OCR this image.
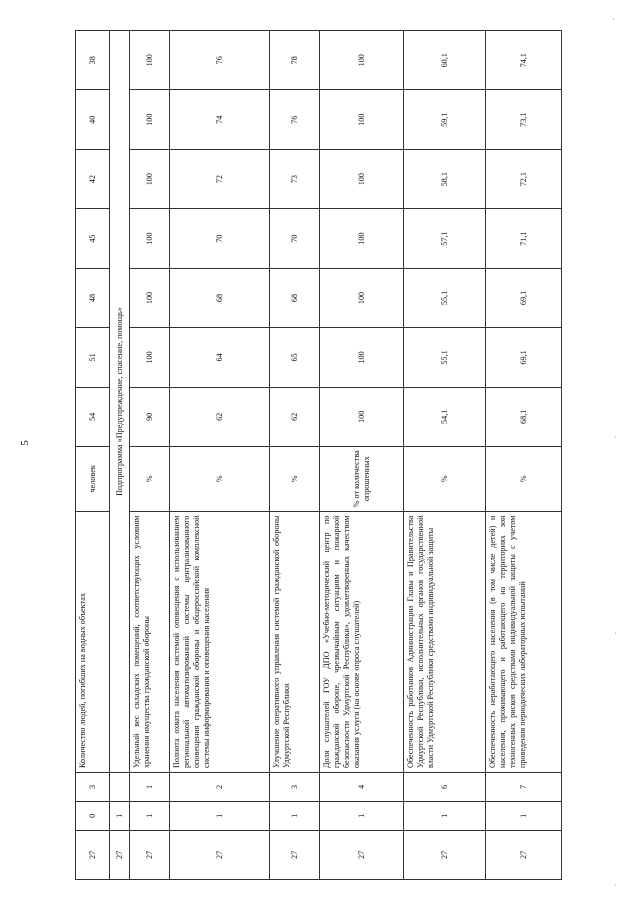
5
·
·
·
·
27	0	3	Количество людей, погибших на водных объектах	человек	54	51	48	45	42	40	38
27	1		Подпрограмма «Предупреждение, спасение, помощь»								
27	1	1	Удельный вес складских помещений, соответствующих условиям хранения имущества гражданской обороны	%	90	100	100	100	100	100	100
27	1	2	Полнота охвата населения системой оповещения с использованием региональной автоматизированной системы централизованного оповещения гражданской обороны и общероссийской комплексной системы информирования и оповещения населения	%	62	64	68	70	72	74	76
27	1	3	Улучшение оперативного управления системой гражданской обороны Удмуртской Республики	%	62	65	68	70	73	76	78
27	1	4	Доля слушателей ГОУ ДПО «Учебно-методический центр по гражданской обороне, чрезвычайным ситуациям и пожарной безопасности Удмуртской Республики», удовлетворенных качеством оказания услуги (на основе опроса слушателей)	% от количества опрошенных	100	100	100	100	100	100	100
27	1	6	Обеспеченность работников Администрации Главы и Правительства Удмуртской Республики, исполнительных органов государственной власти Удмуртской Республики средствами индивидуальной защиты	%	54,1	55,1	55,1	57,1	58,1	59,1	60,1
27	1	7	Обеспеченность неработающего населения (в том числе детей) и населения, проживающего и работающего на территориях зон техногенных рисков средствами индивидуальной защиты с учетом проведения периодических лабораторных испытаний	%	68,1	69,1	69,1	71,1	72,1	73,1	74,1
